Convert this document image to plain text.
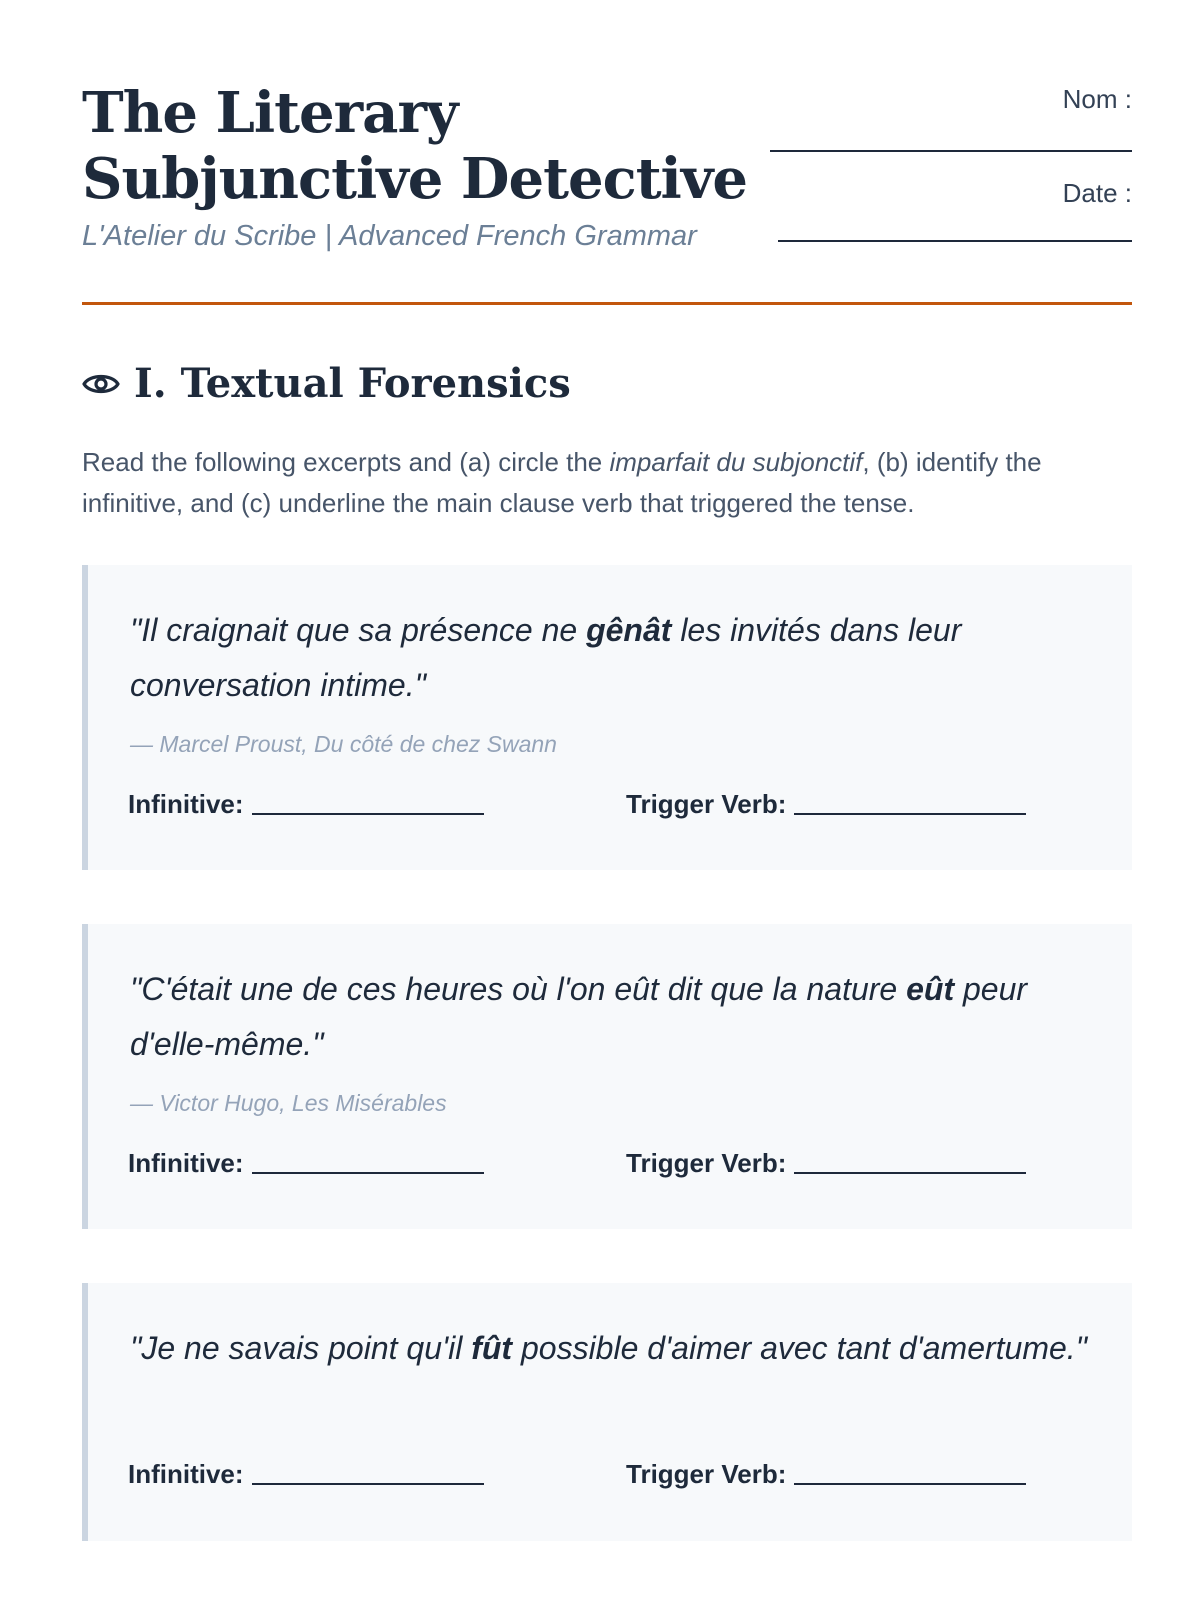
The Literary Subjunctive Detective
L'Atelier du Scribe | Advanced French Grammar
Nom :
Date :
I. Textual Forensics
Read the following excerpts and (a) circle the imparfait du subjonctif, (b) identify the infinitive, and (c) underline the main clause verb that triggered the tense.
"Il craignait que sa présence ne gênât les invités dans leur conversation intime."
— Marcel Proust, Du côté de chez Swann
Infinitive:	Trigger Verb:
"C'était une de ces heures où l'on eût dit que la nature eût peur d'elle-même."
— Victor Hugo, Les Misérables
Infinitive:	Trigger Verb:
"Je ne savais point qu'il fût possible d'aimer avec tant d'amertume."
Infinitive:	Trigger Verb:
